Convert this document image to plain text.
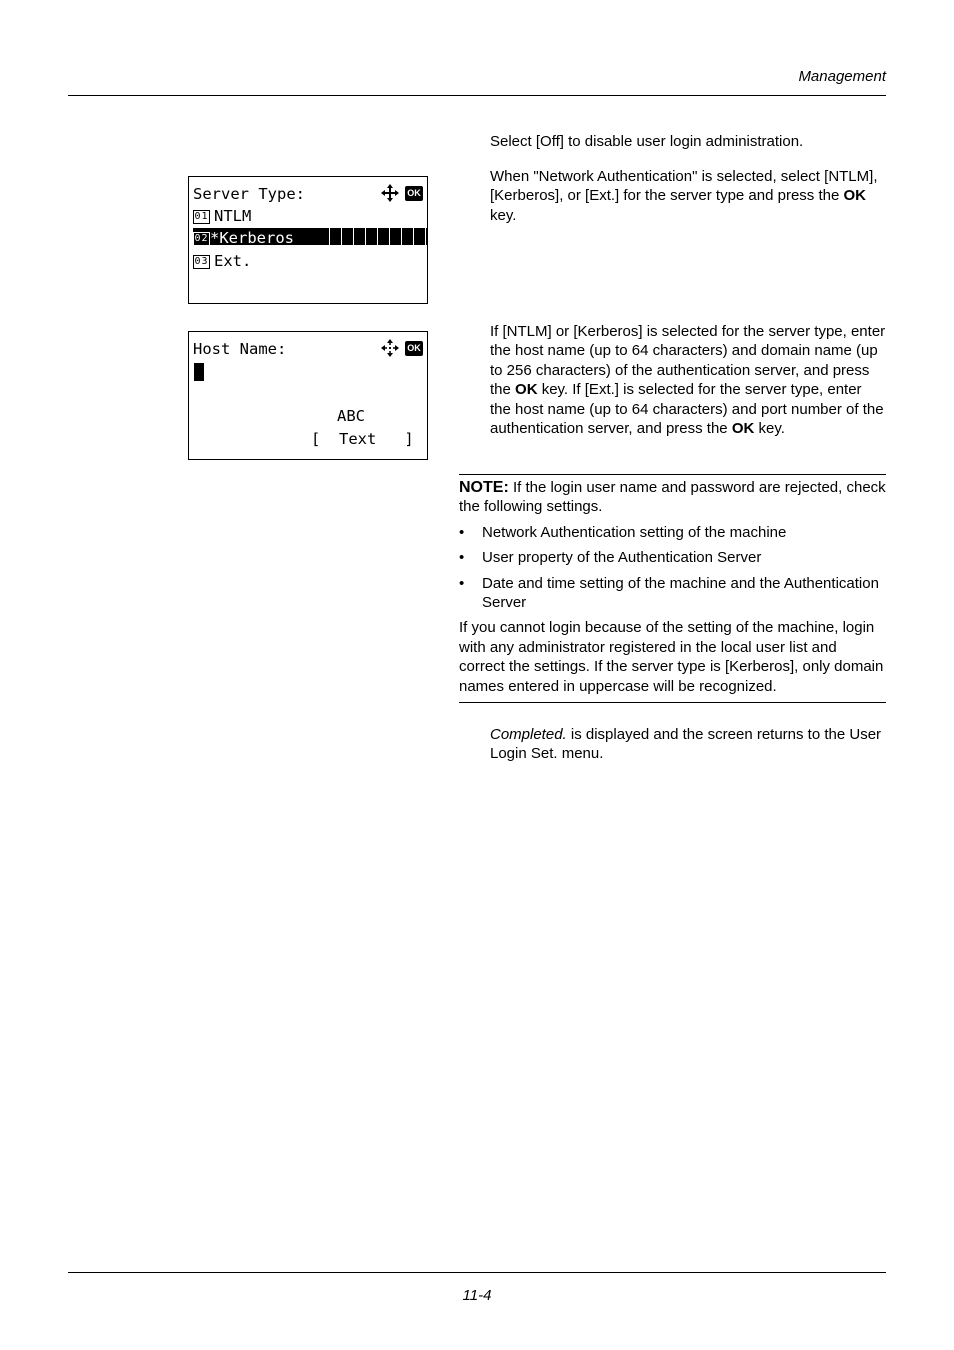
Management

Select [Off] to disable user login administration.

When "Network Authentication" is selected, select [NTLM], [Kerberos], or [Ext.] for the server type and press the OK key.

Server Type:	OK
01 NTLM
02*Kerberos
03 Ext.

If [NTLM] or [Kerberos] is selected for the server type, enter the host name (up to 64 characters) and domain name (up to 256 characters) of the authentication server, and press the OK key. If [Ext.] is selected for the server type, enter the host name (up to 64 characters) and port number of the authentication server, and press the OK key.

Host Name:	OK
ABC
[  Text   ]

NOTE: If the login user name and password are rejected, check the following settings.

• Network Authentication setting of the machine
• User property of the Authentication Server
• Date and time setting of the machine and the Authentication Server

If you cannot login because of the setting of the machine, login with any administrator registered in the local user list and correct the settings. If the server type is [Kerberos], only domain names entered in uppercase will be recognized.

Completed. is displayed and the screen returns to the User Login Set. menu.

11-4
